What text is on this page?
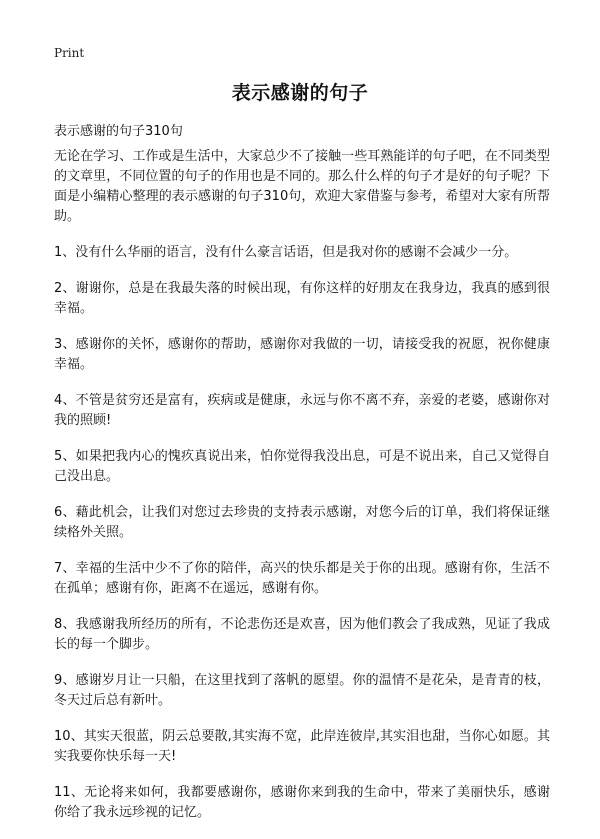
Print
表示感谢的句子
表示感谢的句子310句

无论在学习、工作或是生活中，大家总少不了接触一些耳熟能详的句子吧，在不同类型的文章里，不同位置的句子的作用也是不同的。那么什么样的句子才是好的句子呢？下面是小编精心整理的表示感谢的句子310句，欢迎大家借鉴与参考，希望对大家有所帮助。

1、没有什么华丽的语言，没有什么豪言话语，但是我对你的感谢不会减少一分。

2、谢谢你，总是在我最失落的时候出现，有你这样的好朋友在我身边，我真的感到很幸福。

3、感谢你的关怀，感谢你的帮助，感谢你对我做的一切，请接受我的祝愿，祝你健康幸福。

4、不管是贫穷还是富有，疾病或是健康，永远与你不离不弃，亲爱的老婆，感谢你对我的照顾!

5、如果把我内心的愧疚真说出来，怕你觉得我没出息，可是不说出来，自己又觉得自己没出息。

6、藉此机会，让我们对您过去珍贵的支持表示感谢，对您今后的订单，我们将保证继续格外关照。

7、幸福的生活中少不了你的陪伴，高兴的快乐都是关于你的出现。感谢有你，生活不在孤单；感谢有你，距离不在遥远，感谢有你。

8、我感谢我所经历的所有，不论悲伤还是欢喜，因为他们教会了我成熟，见证了我成长的每一个脚步。

9、感谢岁月让一只船，在这里找到了落帆的愿望。你的温情不是花朵，是青青的枝，冬天过后总有新叶。

10、其实天很蓝，阴云总要散,其实海不宽，此岸连彼岸,其实泪也甜，当你心如愿。其实我要你快乐每一天!

11、无论将来如何，我都要感谢你，感谢你来到我的生命中，带来了美丽快乐，感谢你给了我永远珍视的记忆。
